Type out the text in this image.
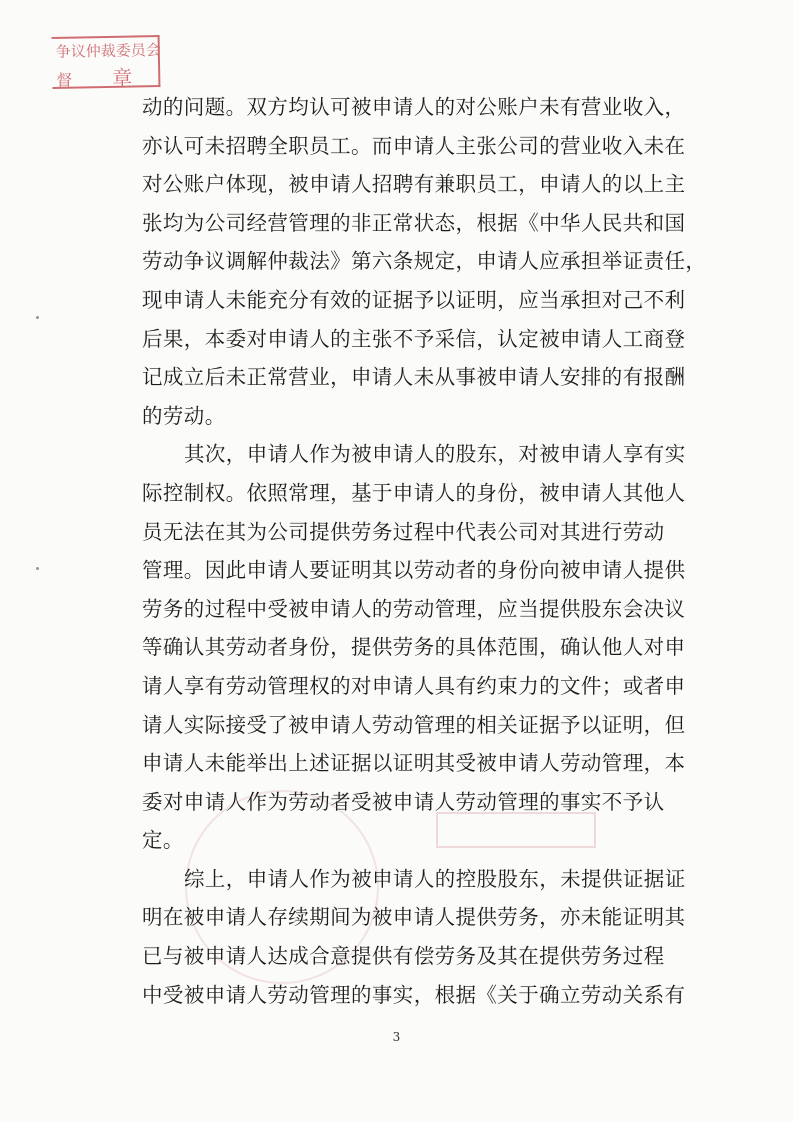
争议仲裁委员会
督 章

动的问题。双方均认可被申请人的对公账户未有营业收入，
亦认可未招聘全职员工。而申请人主张公司的营业收入未在
对公账户体现，被申请人招聘有兼职员工，申请人的以上主
张均为公司经营管理的非正常状态，根据《中华人民共和国
劳动争议调解仲裁法》第六条规定，申请人应承担举证责任，
现申请人未能充分有效的证据予以证明，应当承担对己不利
后果，本委对申请人的主张不予采信，认定被申请人工商登
记成立后未正常营业，申请人未从事被申请人安排的有报酬
的劳动。

其次，申请人作为被申请人的股东，对被申请人享有实
际控制权。依照常理，基于申请人的身份，被申请人其他人
员无法在其为公司提供劳务过程中代表公司对其进行劳动
管理。因此申请人要证明其以劳动者的身份向被申请人提供
劳务的过程中受被申请人的劳动管理，应当提供股东会决议
等确认其劳动者身份，提供劳务的具体范围，确认他人对申
请人享有劳动管理权的对申请人具有约束力的文件；或者申
请人实际接受了被申请人劳动管理的相关证据予以证明，但
申请人未能举出上述证据以证明其受被申请人劳动管理，本
委对申请人作为劳动者受被申请人劳动管理的事实不予认
定。

综上，申请人作为被申请人的控股股东，未提供证据证
明在被申请人存续期间为被申请人提供劳务，亦未能证明其
已与被申请人达成合意提供有偿劳务及其在提供劳务过程
中受被申请人劳动管理的事实，根据《关于确立劳动关系有

3
